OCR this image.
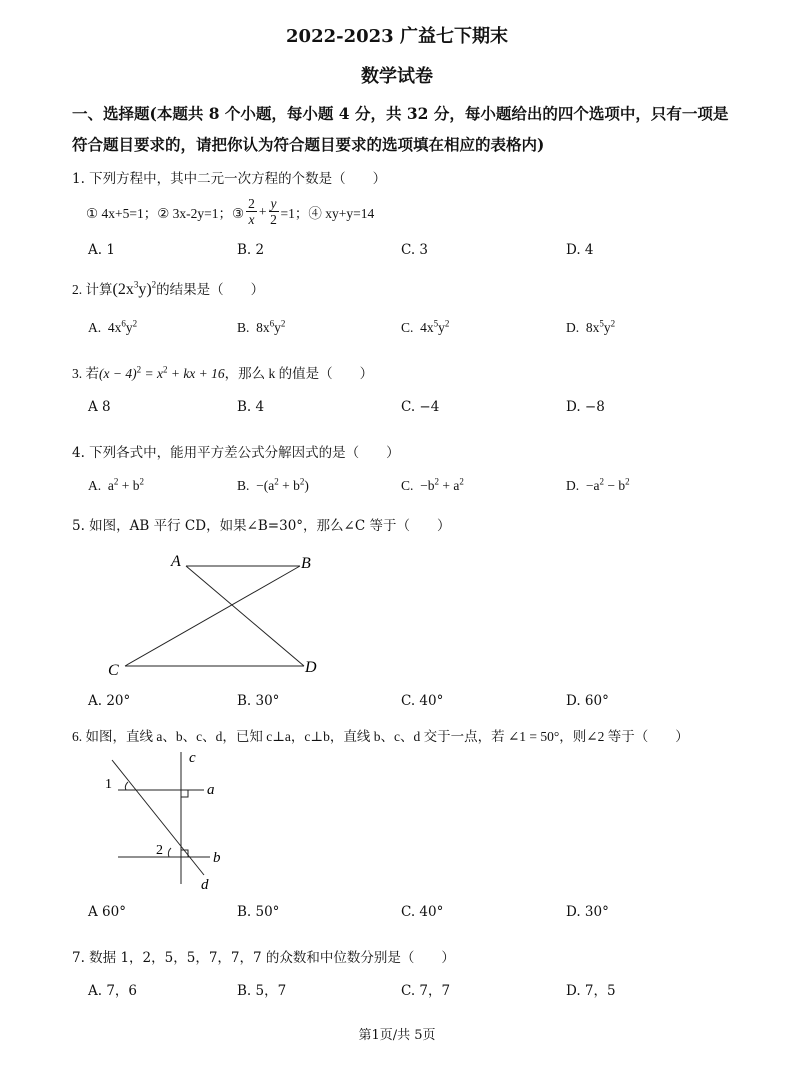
2022-2023 广益七下期末
数学试卷
一、选择题(本题共 8 个小题，每小题 4 分，共 32 分，每小题给出的四个选项中，只有一项是
符合题目要求的，请把你认为符合题目要求的选项填在相应的表格内)
1. 下列方程中，其中二元一次方程的个数是（　　）
① 4x+5=1；② 3x-2y=1；③ $\frac{2}{x} + \frac{y}{2} =1$；④ xy+y=14
A. 1	B. 2	C. 3	D. 4
2. 计算$(2x^3y)^2$的结果是（　　）
A. $4x^6y^2$	B. $8x^6y^2$	C. $4x^5y^2$	D. $8x^5y^2$
3. 若$(x - 4)^2 = x^2$ + kx + 16，那么 k 的值是（　　）
A 8	B. 4	C. −4	D. −8
4. 下列各式中，能用平方差公式分解因式的是（　　）
A. $a^2 + b^2$	B. $-(a^2 + b^2)$	C. $-b^2 + a^2$	D. $-a^2 - b^2$
5. 如图，AB 平行 CD，如果∠B=30°，那么∠C 等于（　　）
A	B
C	D
A. 20°	B. 30°	C. 40°	D. 60°
6. 如图，直线 a、b、c、d，已知 c⊥a，c⊥b，直线 b、c、d 交于一点，若 ∠1 = 50°，则∠2 等于（　　）
c
a
b
d
1
2
A 60°	B. 50°	C. 40°	D. 30°
7. 数据 1，2，5，5，7，7，7 的众数和中位数分别是（　　）
A. 7，6	B. 5，7	C. 7，7	D. 7，5
第1页/共 5页
